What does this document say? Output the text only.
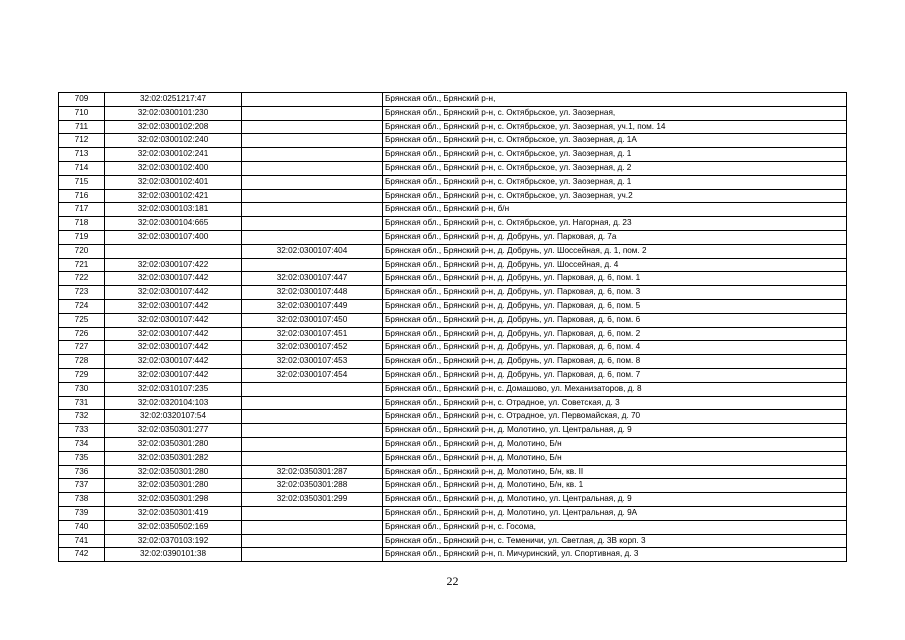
709	32:02:0251217:47		Брянская обл., Брянский р-н,
710	32:02:0300101:230		Брянская обл., Брянский р-н, с. Октябрьское, ул. Заозерная,
711	32:02:0300102:208		Брянская обл., Брянский р-н, с. Октябрьское, ул. Заозерная, уч.1, пом. 14
712	32:02:0300102:240		Брянская обл., Брянский р-н, с. Октябрьское, ул. Заозерная, д. 1А
713	32:02:0300102:241		Брянская обл., Брянский р-н, с. Октябрьское, ул. Заозерная, д. 1
714	32:02:0300102:400		Брянская обл., Брянский р-н, с. Октябрьское, ул. Заозерная, д. 2
715	32:02:0300102:401		Брянская обл., Брянский р-н, с. Октябрьское, ул. Заозерная, д. 1
716	32:02:0300102:421		Брянская обл., Брянский р-н, с. Октябрьское, ул. Заозерная, уч.2
717	32:02:0300103:181		Брянская обл., Брянский р-н, б/н
718	32:02:0300104:665		Брянская обл., Брянский р-н, с. Октябрьское, ул. Нагорная, д. 23
719	32:02:0300107:400		Брянская обл., Брянский р-н, д. Добрунь, ул. Парковая, д. 7а
720		32:02:0300107:404	Брянская обл., Брянский р-н, д. Добрунь, ул. Шоссейная, д. 1, пом. 2
721	32:02:0300107:422		Брянская обл., Брянский р-н, д. Добрунь, ул. Шоссейная, д. 4
722	32:02:0300107:442	32:02:0300107:447	Брянская обл., Брянский р-н, д. Добрунь, ул. Парковая, д. 6, пом. 1
723	32:02:0300107:442	32:02:0300107:448	Брянская обл., Брянский р-н, д. Добрунь, ул. Парковая, д. 6, пом. 3
724	32:02:0300107:442	32:02:0300107:449	Брянская обл., Брянский р-н, д. Добрунь, ул. Парковая, д. 6, пом. 5
725	32:02:0300107:442	32:02:0300107:450	Брянская обл., Брянский р-н, д. Добрунь, ул. Парковая, д. 6, пом. 6
726	32:02:0300107:442	32:02:0300107:451	Брянская обл., Брянский р-н, д. Добрунь, ул. Парковая, д. 6, пом. 2
727	32:02:0300107:442	32:02:0300107:452	Брянская обл., Брянский р-н, д. Добрунь, ул. Парковая, д. 6, пом. 4
728	32:02:0300107:442	32:02:0300107:453	Брянская обл., Брянский р-н, д. Добрунь, ул. Парковая, д. 6, пом. 8
729	32:02:0300107:442	32:02:0300107:454	Брянская обл., Брянский р-н, д. Добрунь, ул. Парковая, д. 6, пом. 7
730	32:02:0310107:235		Брянская обл., Брянский р-н, с. Домашово, ул. Механизаторов, д. 8
731	32:02:0320104:103		Брянская обл., Брянский р-н, с. Отрадное, ул. Советская, д. 3
732	32:02:0320107:54		Брянская обл., Брянский р-н, с. Отрадное, ул. Первомайская, д. 70
733	32:02:0350301:277		Брянская обл., Брянский р-н, д. Молотино, ул. Центральная, д. 9
734	32:02:0350301:280		Брянская обл., Брянский р-н, д. Молотино, Б/н
735	32:02:0350301:282		Брянская обл., Брянский р-н, д. Молотино, Б/н
736	32:02:0350301:280	32:02:0350301:287	Брянская обл., Брянский р-н, д. Молотино, Б/н, кв. II
737	32:02:0350301:280	32:02:0350301:288	Брянская обл., Брянский р-н, д. Молотино, Б/н, кв. 1
738	32:02:0350301:298	32:02:0350301:299	Брянская обл., Брянский р-н, д. Молотино, ул. Центральная, д. 9
739	32:02:0350301:419		Брянская обл., Брянский р-н, д. Молотино, ул. Центральная, д. 9А
740	32:02:0350502:169		Брянская обл., Брянский р-н, с. Госома,
741	32:02:0370103:192		Брянская обл., Брянский р-н, с. Теменичи, ул. Светлая, д. 3В корп. 3
742	32:02:0390101:38		Брянская обл., Брянский р-н, п. Мичуринский, ул. Спортивная, д. 3
22
